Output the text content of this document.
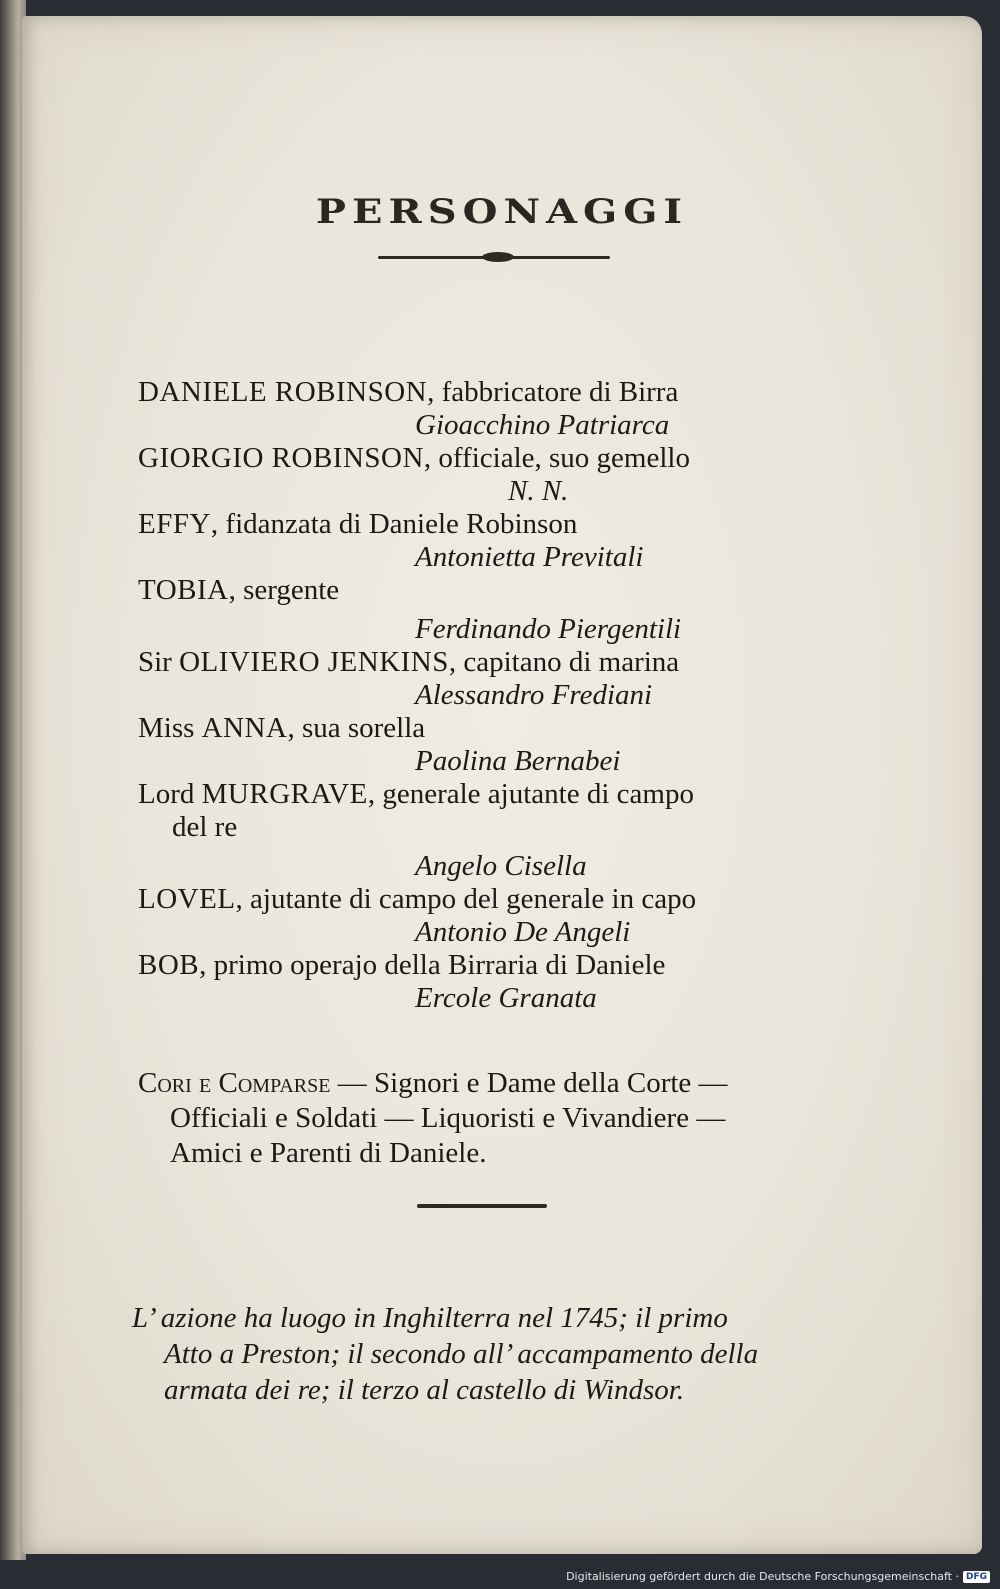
PERSONAGGI
DANIELE ROBINSON, fabbricatore di Birra
Gioacchino Patriarca
GIORGIO ROBINSON, officiale, suo gemello
N. N.
EFFY, fidanzata di Daniele Robinson
Antonietta Previtali
TOBIA, sergente
Ferdinando Piergentili
Sir OLIVIERO JENKINS, capitano di marina
Alessandro Frediani
Miss ANNA, sua sorella
Paolina Bernabei
Lord MURGRAVE, generale ajutante di campo
del re
Angelo Cisella
LOVEL, ajutante di campo del generale in capo
Antonio De Angeli
BOB, primo operajo della Birraria di Daniele
Ercole Granata
Cori e Comparse — Signori e Dame della Corte —
Officiali e Soldati — Liquoristi e Vivandiere —
Amici e Parenti di Daniele.
L’ azione ha luogo in Inghilterra nel 1745; il primo
Atto a Preston; il secondo all’ accampamento della
armata dei re; il terzo al castello di Windsor.
Digitalisierung gefördert durch die Deutsche Forschungsgemeinschaft · DFG
